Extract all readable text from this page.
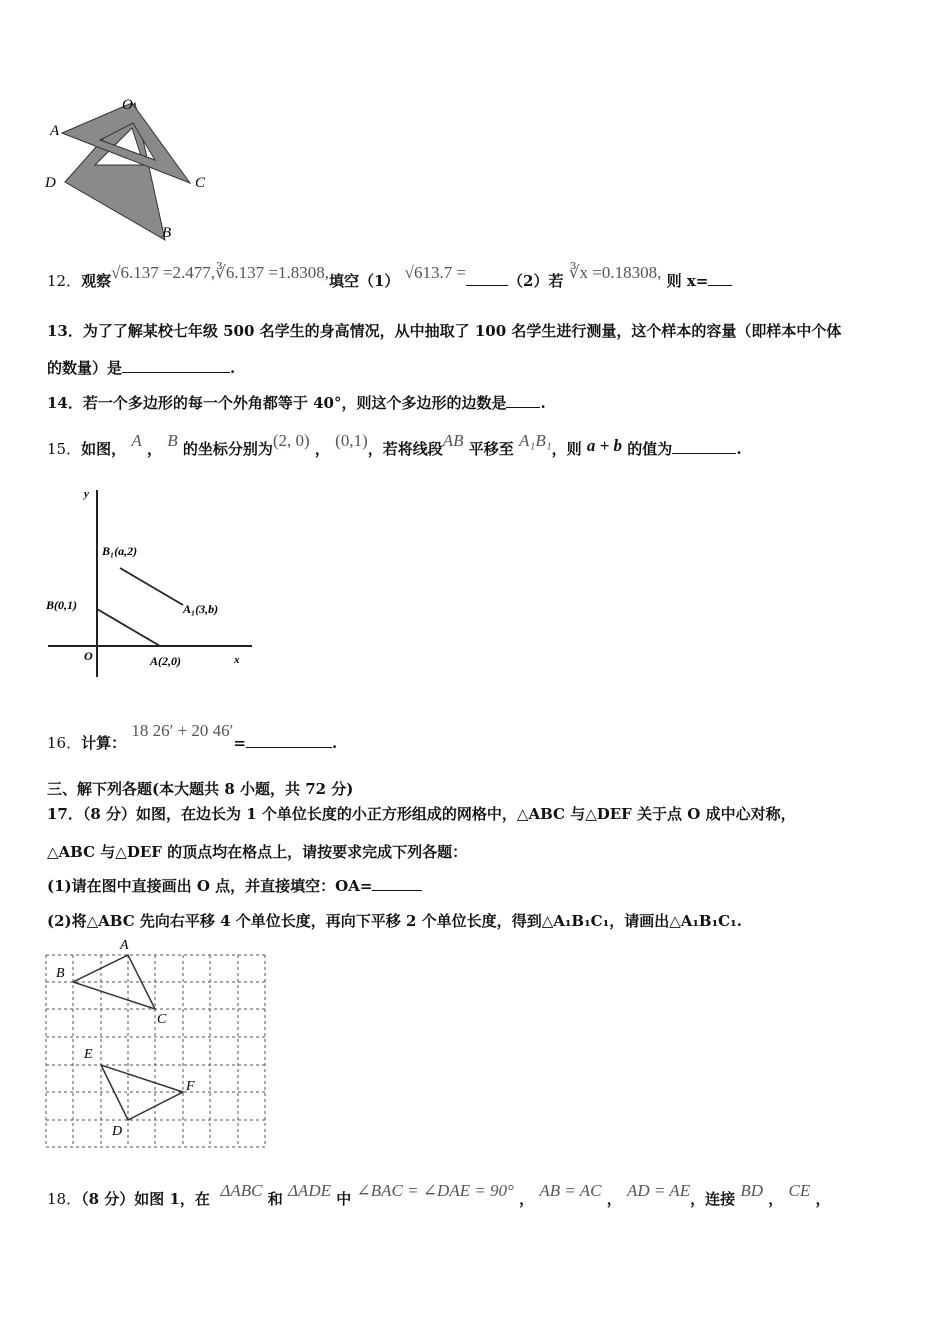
O
A
D	C
B
12．观察√6.137 =2.477,∛6.137 =1.8308,填空（1） √613.7 =	（2）若 ∛x =0.18308, 则 x=
13．为了了解某校七年级 500 名学生的身高情况，从中抽取了 100 名学生进行测量，这个样本的容量（即样本中个体
的数量）是	.
14．若一个多边形的每一个外角都等于 40°，则这个多边形的边数是 .
15．如图， A ， B 的坐标分别为(2, 0) ， (0,1)，若将线段AB 平移至 A₁B₁，则 a + b 的值为	.
y
x
O
B₁(a,2)
B(0,1)	A₁(3,b)
A(2,0)
16．计算： 18 26′ + 20 46′=	.
三、解下列各题(本大题共 8 小题，共 72 分)
17．（8 分）如图，在边长为 1 个单位长度的小正方形组成的网格中，△ABC 与△DEF 关于点 O 成中心对称，
△ABC 与△DEF 的顶点均在格点上，请按要求完成下列各题：
(1)请在图中直接画出 O 点，并直接填空：OA=
(2)将△ABC 先向右平移 4 个单位长度，再向下平移 2 个单位长度，得到△A₁B₁C₁，请画出△A₁B₁C₁.
A
B
C
E
F
D
18．（8 分）如图 1，在 ΔABC 和 ΔADE 中 ∠BAC = ∠DAE = 90° ， AB = AC ， AD = AE，连接 BD ， CE ，
